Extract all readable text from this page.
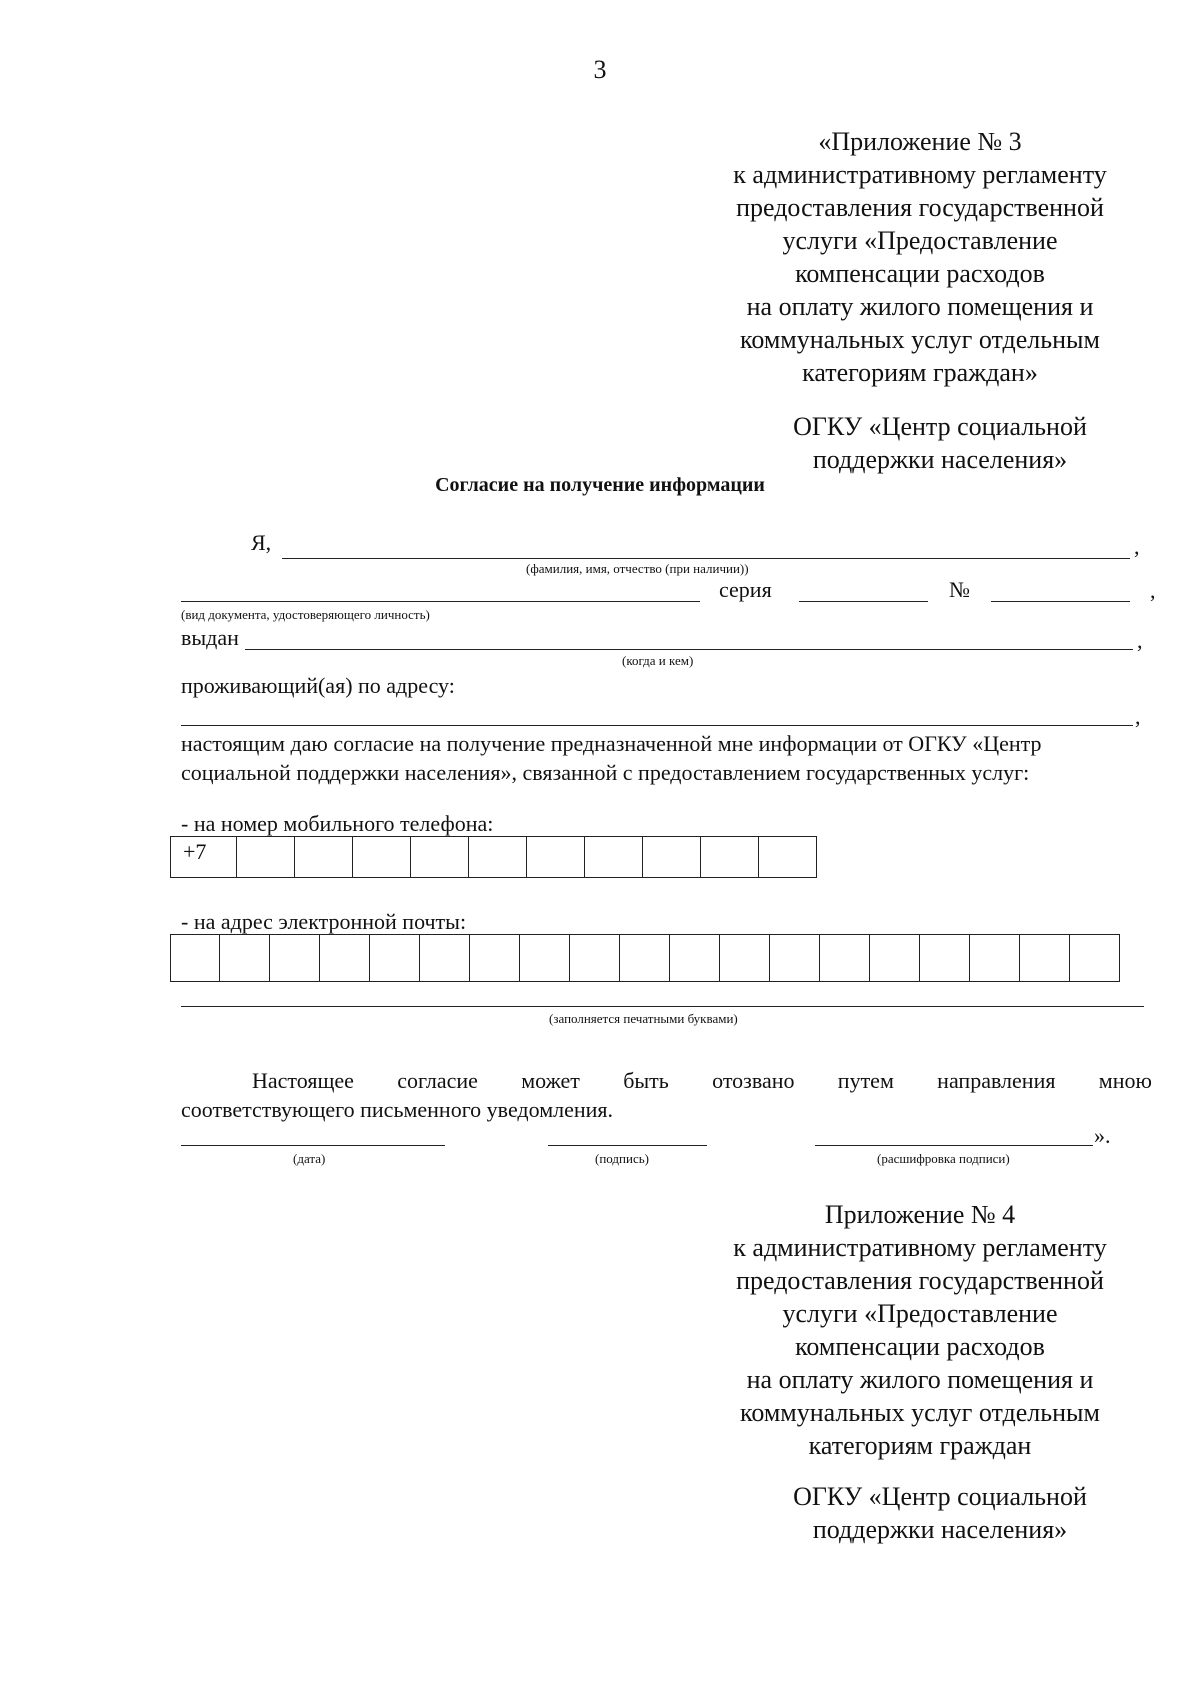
3
«Приложение № 3
к административному регламенту
предоставления государственной
услуги «Предоставление
компенсации расходов
на оплату жилого помещения и
коммунальных услуг отдельным
категориям граждан»
ОГКУ «Центр социальной
поддержки населения»
Согласие на получение информации
Я,	,
(фамилия, имя, отчество (при наличии))
серия	№	,
(вид документа, удостоверяющего личность)
выдан	,
(когда и кем)
проживающий(ая) по адресу:
,
настоящим даю согласие на получение предназначенной мне информации от ОГКУ «Центр
социальной поддержки населения», связанной с предоставлением государственных услуг:
- на номер мобильного телефона:
+7										
- на адрес электронной почты:

(заполняется печатными буквами)
Настоящее согласие может быть отозвано путем направления мною
соответствующего письменного уведомления.
».
(дата)	(подпись)	(расшифровка подписи)
Приложение № 4
к административному регламенту
предоставления государственной
услуги «Предоставление
компенсации расходов
на оплату жилого помещения и
коммунальных услуг отдельным
категориям граждан
ОГКУ «Центр социальной
поддержки населения»
